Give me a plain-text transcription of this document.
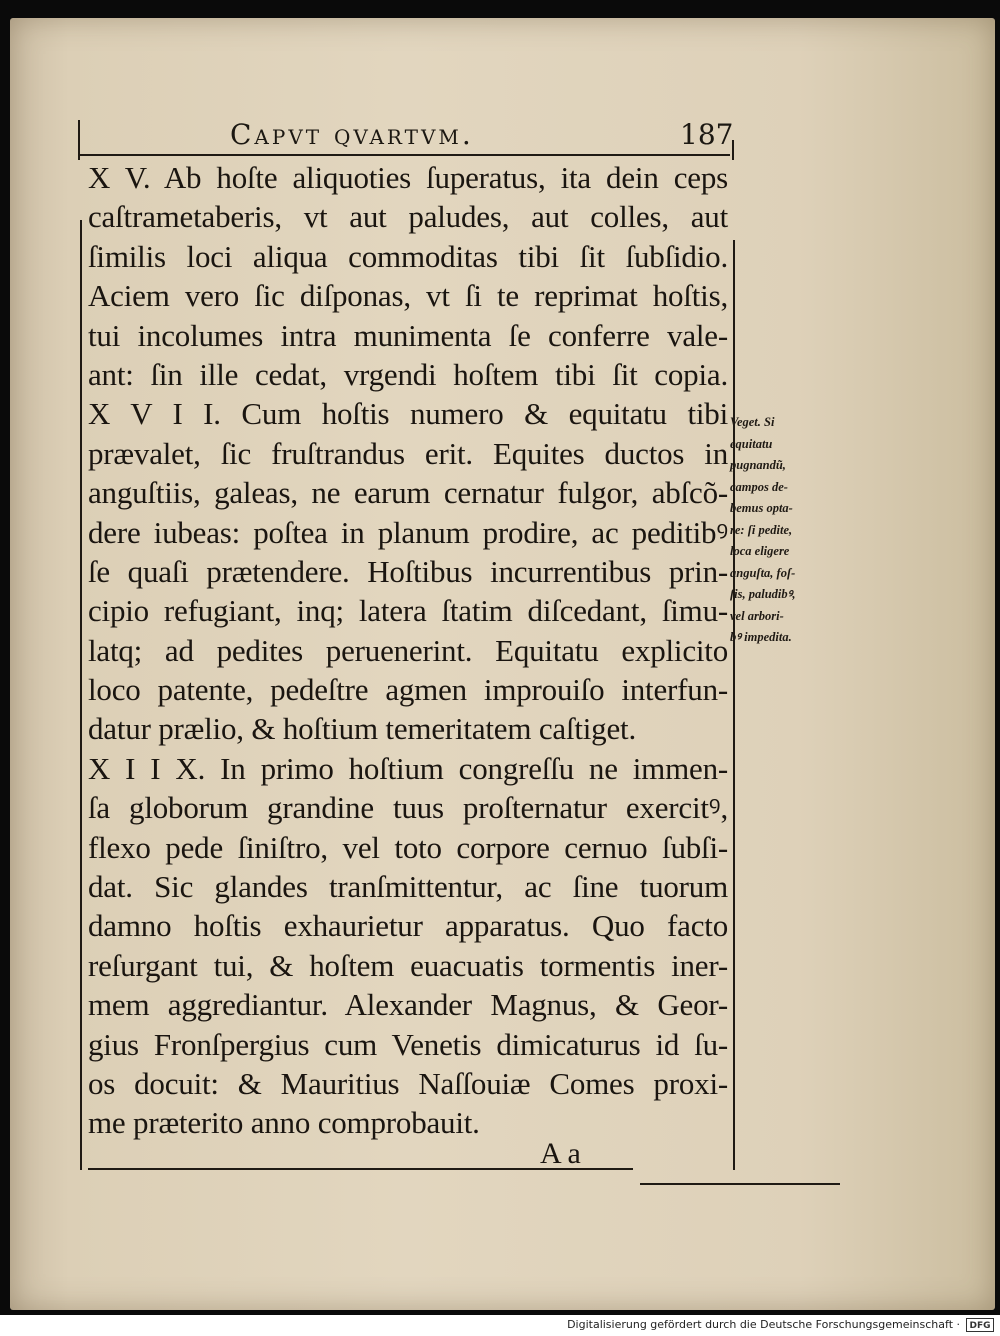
Capvt qvartvm.	187
X V. Ab hoſte aliquoties ſuperatus, ita dein ceps
caſtrametaberis, vt aut paludes, aut colles, aut
ſimilis loci aliqua commoditas tibi ſit ſubſidio.
Aciem vero ſic diſponas, vt ſi te reprimat hoſtis,
tui incolumes intra munimenta ſe conferre vale-
ant: ſin ille cedat, vrgendi hoſtem tibi ſit copia.
X V I I. Cum hoſtis numero & equitatu tibi
prævalet, ſic fruſtrandus erit. Equites ductos in
anguſtiis, galeas, ne earum cernatur fulgor, abſcõ-
dere iubeas: poſtea in planum prodire, ac peditibꝰ
ſe quaſi prætendere. Hoſtibus incurrentibus prin-
cipio refugiant, inq; latera ſtatim diſcedant, ſimu-
latq; ad pedites peruenerint. Equitatu explicito
loco patente, pedeſtre agmen improuiſo interfun-
datur prælio, & hoſtium temeritatem caſtiget.
X I I X. In primo hoſtium congreſſu ne immen-
ſa globorum grandine tuus proſternatur exercitꝰ,
flexo pede ſiniſtro, vel toto corpore cernuo ſubſi-
dat. Sic glandes tranſmittentur, ac ſine tuorum
damno hoſtis exhaurietur apparatus. Quo facto
reſurgant tui, & hoſtem euacuatis tormentis iner-
mem aggrediantur. Alexander Magnus, & Geor-
gius Fronſpergius cum Venetis dimicaturus id ſu-
os docuit: & Mauritius Naſſouiæ Comes proxi-
me præterito anno comprobauit.
Veget. Si
equitatu
pugnandũ,
campos de-
bemus opta-
re: ſi pedite,
loca eligere
anguſta, foſ-
ſis, paludibꝰ,
vel arbori-
bꝰ impedita.
A a
Digitalisierung gefördert durch die Deutsche Forschungsgemeinschaft ·	DFG
